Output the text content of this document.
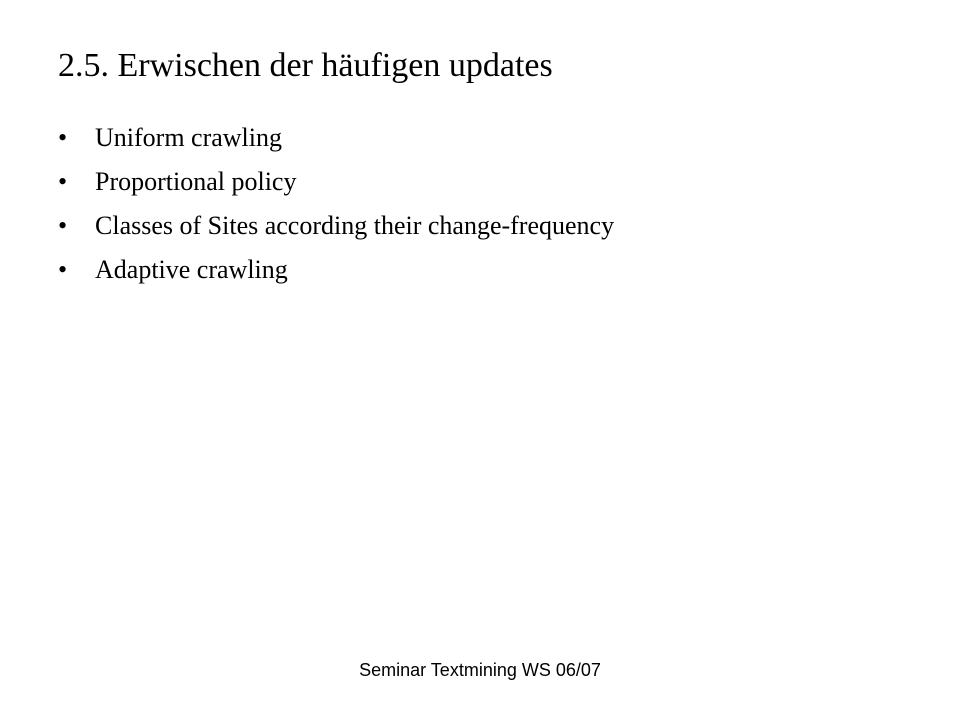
2.5. Erwischen der häufigen updates
•	Uniform crawling
•	Proportional policy
•	Classes of Sites according their change-frequency
•	Adaptive crawling
Seminar Textmining WS 06/07
